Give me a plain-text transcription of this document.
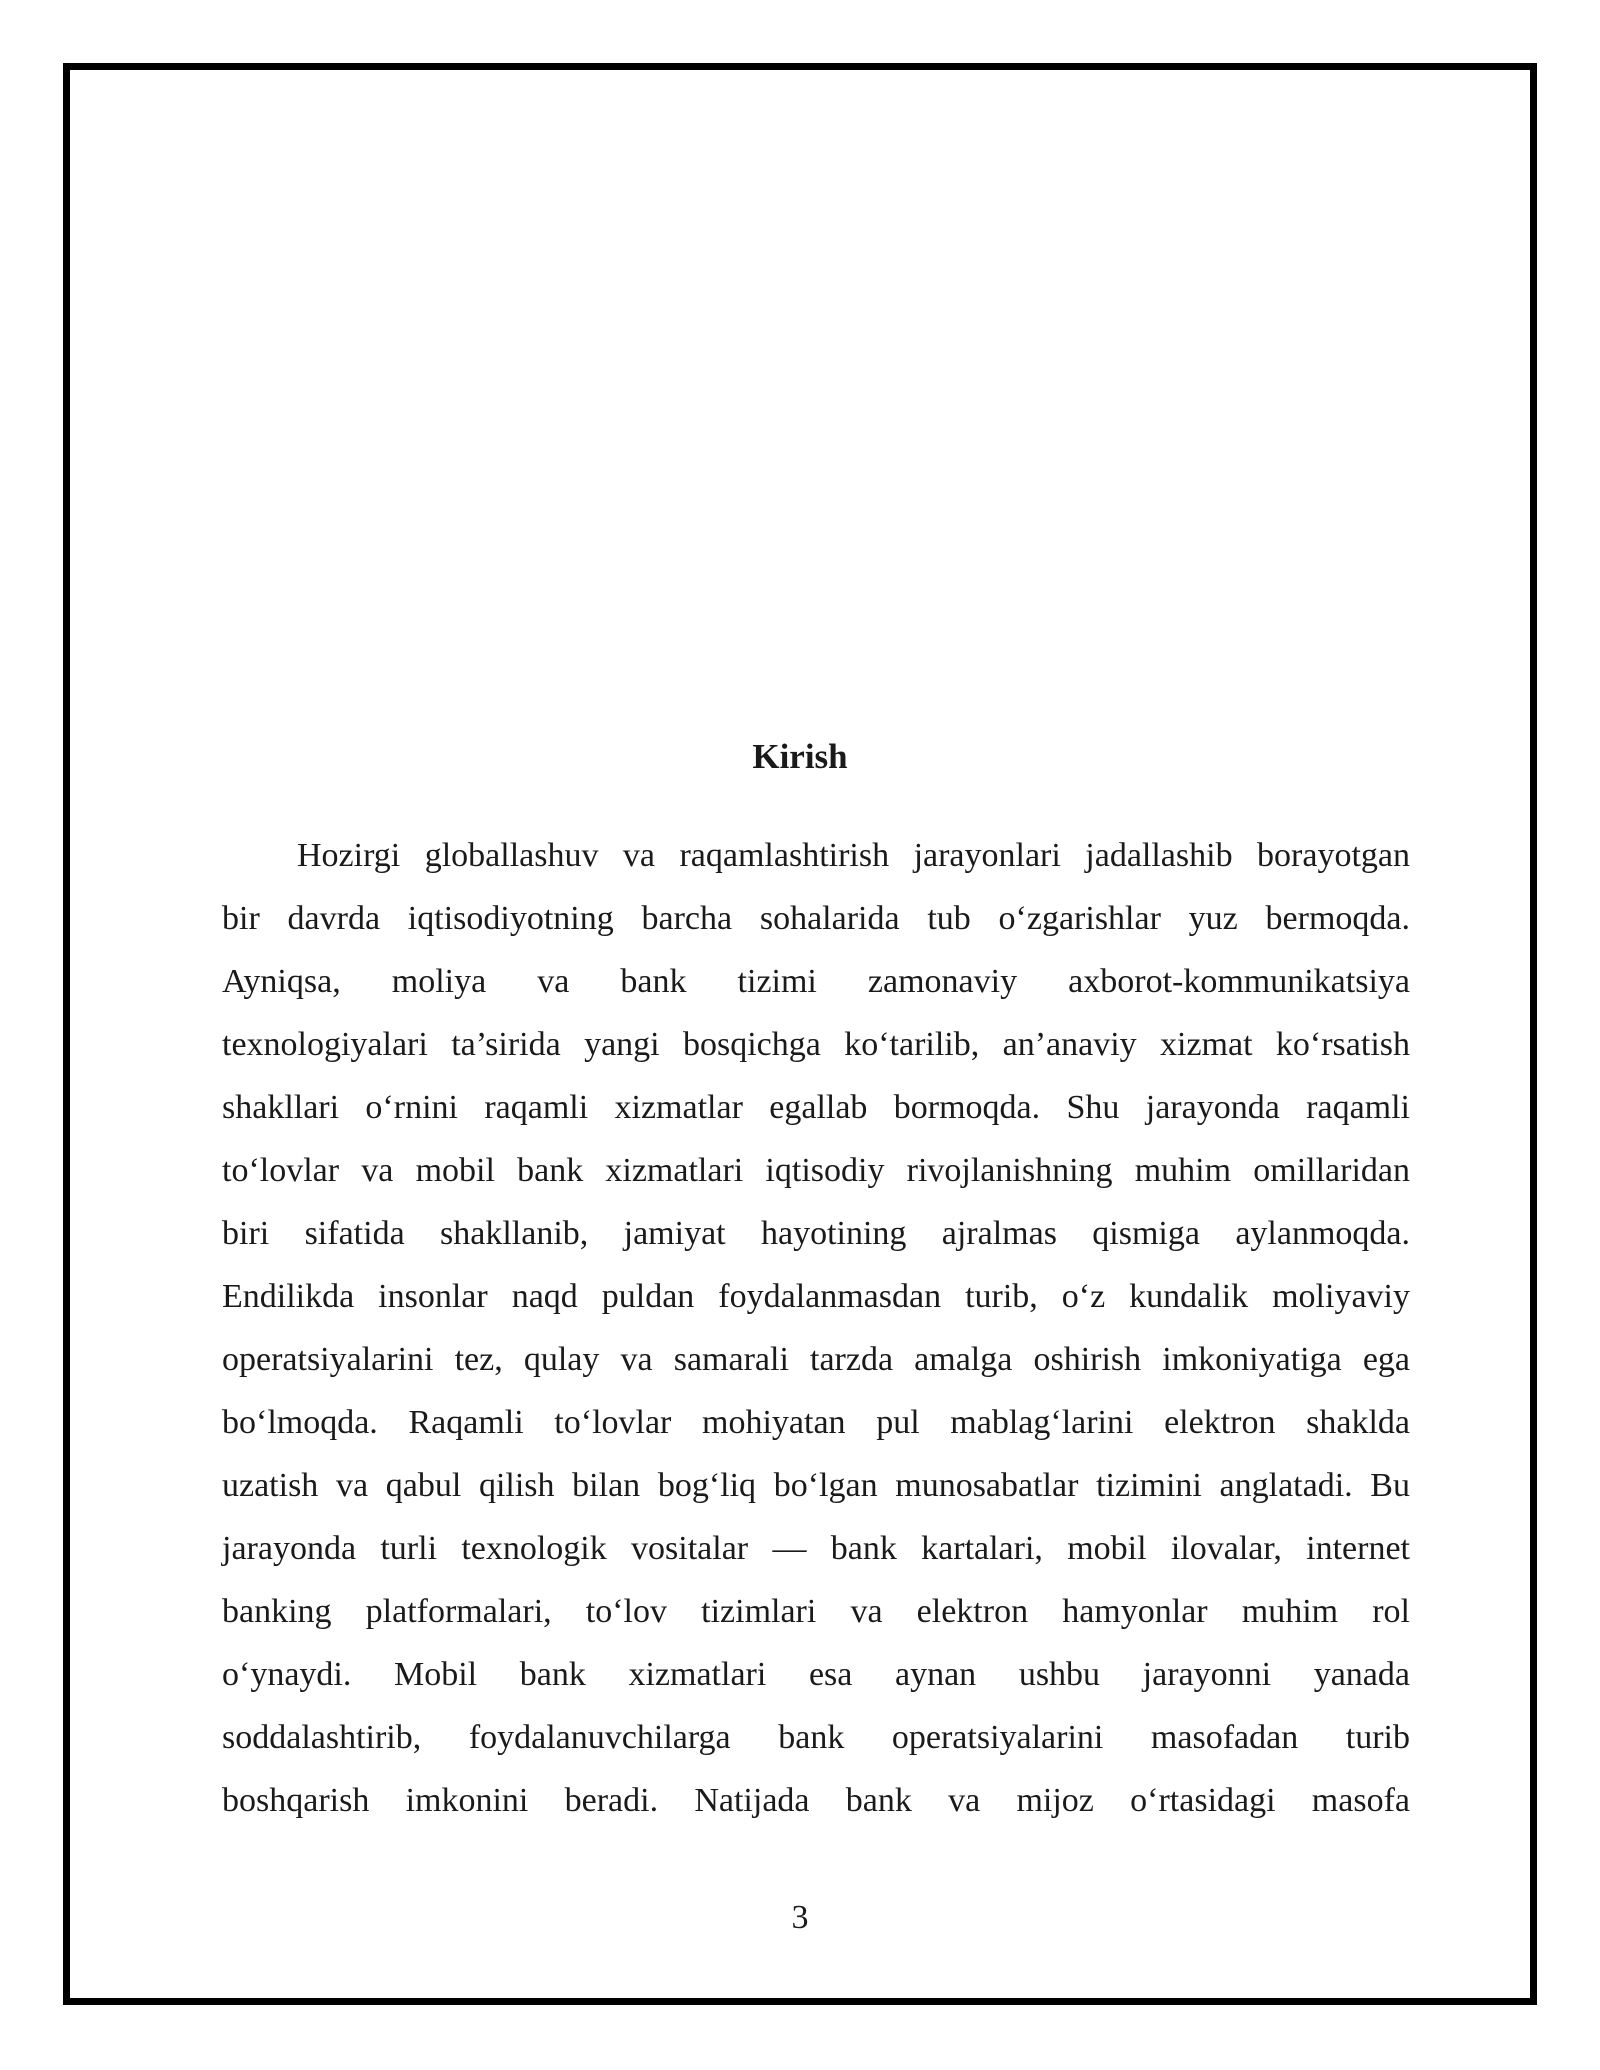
Kirish
Hozirgi globallashuv va raqamlashtirish jarayonlari jadallashib borayotgan
bir davrda iqtisodiyotning barcha sohalarida tub oʻzgarishlar yuz bermoqda.
Ayniqsa, moliya va bank tizimi zamonaviy axborot-kommunikatsiya
texnologiyalari ta’sirida yangi bosqichga koʻtarilib, an’anaviy xizmat koʻrsatish
shakllari oʻrnini raqamli xizmatlar egallab bormoqda. Shu jarayonda raqamli
toʻlovlar va mobil bank xizmatlari iqtisodiy rivojlanishning muhim omillaridan
biri sifatida shakllanib, jamiyat hayotining ajralmas qismiga aylanmoqda.
Endilikda insonlar naqd puldan foydalanmasdan turib, oʻz kundalik moliyaviy
operatsiyalarini tez, qulay va samarali tarzda amalga oshirish imkoniyatiga ega
boʻlmoqda. Raqamli toʻlovlar mohiyatan pul mablagʻlarini elektron shaklda
uzatish va qabul qilish bilan bogʻliq boʻlgan munosabatlar tizimini anglatadi. Bu
jarayonda turli texnologik vositalar — bank kartalari, mobil ilovalar, internet
banking platformalari, toʻlov tizimlari va elektron hamyonlar muhim rol
oʻynaydi. Mobil bank xizmatlari esa aynan ushbu jarayonni yanada
soddalashtirib, foydalanuvchilarga bank operatsiyalarini masofadan turib
boshqarish imkonini beradi. Natijada bank va mijoz oʻrtasidagi masofa
3
